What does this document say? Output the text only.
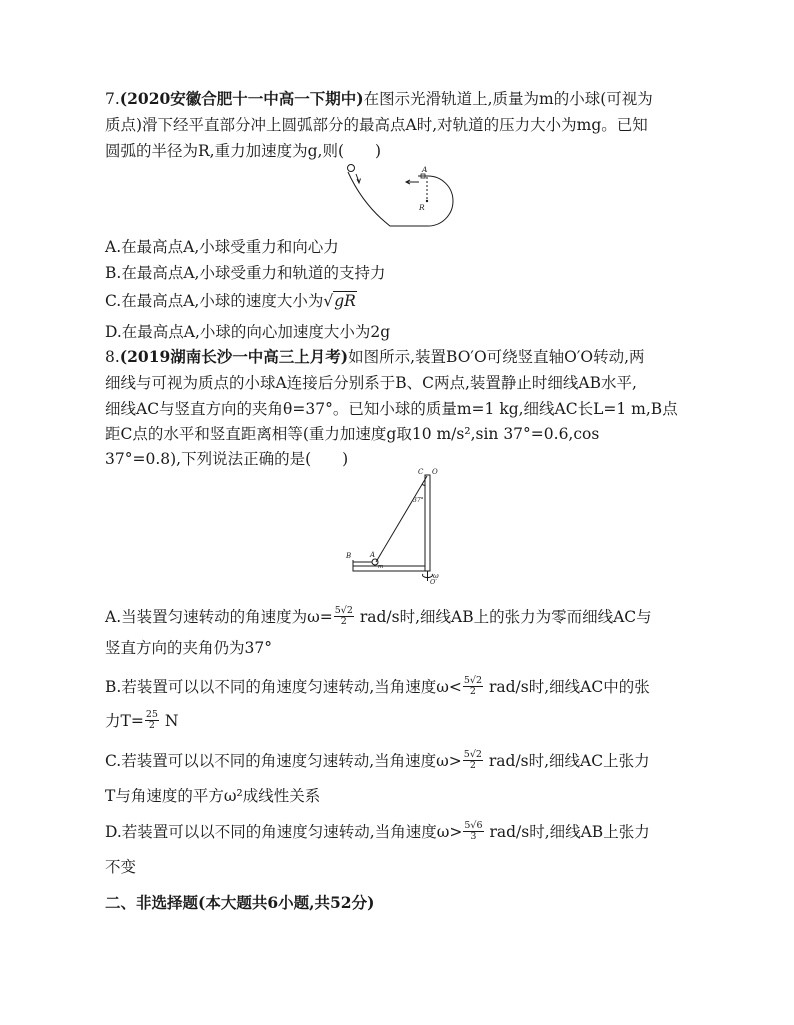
7.(2020安徽合肥十一中高一下期中)在图示光滑轨道上,质量为m的小球(可视为
质点)滑下经平直部分冲上圆弧部分的最高点A时,对轨道的压力大小为mg。已知
圆弧的半径为R,重力加速度为g,则(　　)
A
R
A.在最高点A,小球受重力和向心力
B.在最高点A,小球受重力和轨道的支持力
C.在最高点A,小球的速度大小为√gR
D.在最高点A,小球的向心加速度大小为2g
8.(2019湖南长沙一中高三上月考)如图所示,装置BO′O可绕竖直轴O′O转动,两
细线与可视为质点的小球A连接后分别系于B、C两点,装置静止时细线AB水平,
细线AC与竖直方向的夹角θ=37°。已知小球的质量m=1 kg,细线AC长L=1 m,B点
距C点的水平和竖直距离相等(重力加速度g取10 m/s²,sin 37°=0.6,cos
37°=0.8),下列说法正确的是(　　)
C O
37°
B	A
m
ω
O′
A.当装置匀速转动的角速度为$\omega= \frac{5√2}{2} rad/s$时,细线AB上的张力为零而细线AC与
竖直方向的夹角仍为37°
B.若装置可以以不同的角速度匀速转动,当角速度$\omega< \frac{5√2}{2} rad/s$时,细线AC中的张
力$T= \frac{25}{2}$ N
C.若装置可以以不同的角速度匀速转动,当角速度$\omega> \frac{5√2}{2} rad/s$时,细线AC上张力
T与角速度的平方ω²成线性关系
D.若装置可以以不同的角速度匀速转动,当角速度$\omega> \frac{5√6}{3} rad/s$时,细线AB上张力
不变
二、非选择题(本大题共6小题,共52分)
